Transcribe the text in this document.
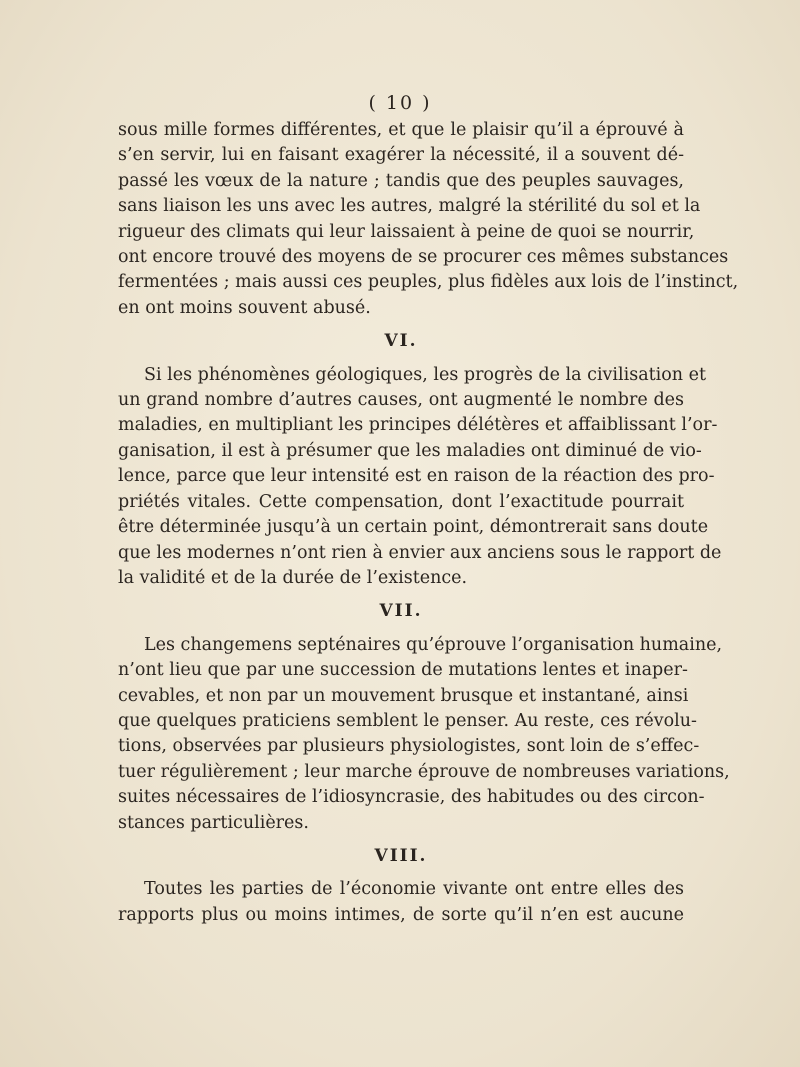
( 10 )
sous mille formes différentes, et que le plaisir qu’il a éprouvé à
s’en servir, lui en faisant exagérer la nécessité, il a souvent dé-
passé les vœux de la nature ; tandis que des peuples sauvages,
sans liaison les uns avec les autres, malgré la stérilité du sol et la
rigueur des climats qui leur laissaient à peine de quoi se nourrir,
ont encore trouvé des moyens de se procurer ces mêmes substances
fermentées ; mais aussi ces peuples, plus fidèles aux lois de l’instinct,
en ont moins souvent abusé.
VI.
Si les phénomènes géologiques, les progrès de la civilisation et
un grand nombre d’autres causes, ont augmenté le nombre des
maladies, en multipliant les principes délétères et affaiblissant l’or-
ganisation, il est à présumer que les maladies ont diminué de vio-
lence, parce que leur intensité est en raison de la réaction des pro-
priétés vitales. Cette compensation, dont l’exactitude pourrait
être déterminée jusqu’à un certain point, démontrerait sans doute
que les modernes n’ont rien à envier aux anciens sous le rapport de
la validité et de la durée de l’existence.
VII.
Les changemens septénaires qu’éprouve l’organisation humaine,
n’ont lieu que par une succession de mutations lentes et inaper-
cevables, et non par un mouvement brusque et instantané, ainsi
que quelques praticiens semblent le penser. Au reste, ces révolu-
tions, observées par plusieurs physiologistes, sont loin de s’effec-
tuer régulièrement ; leur marche éprouve de nombreuses variations,
suites nécessaires de l’idiosyncrasie, des habitudes ou des circon-
stances particulières.
VIII.
Toutes les parties de l’économie vivante ont entre elles des
rapports plus ou moins intimes, de sorte qu’il n’en est aucune
